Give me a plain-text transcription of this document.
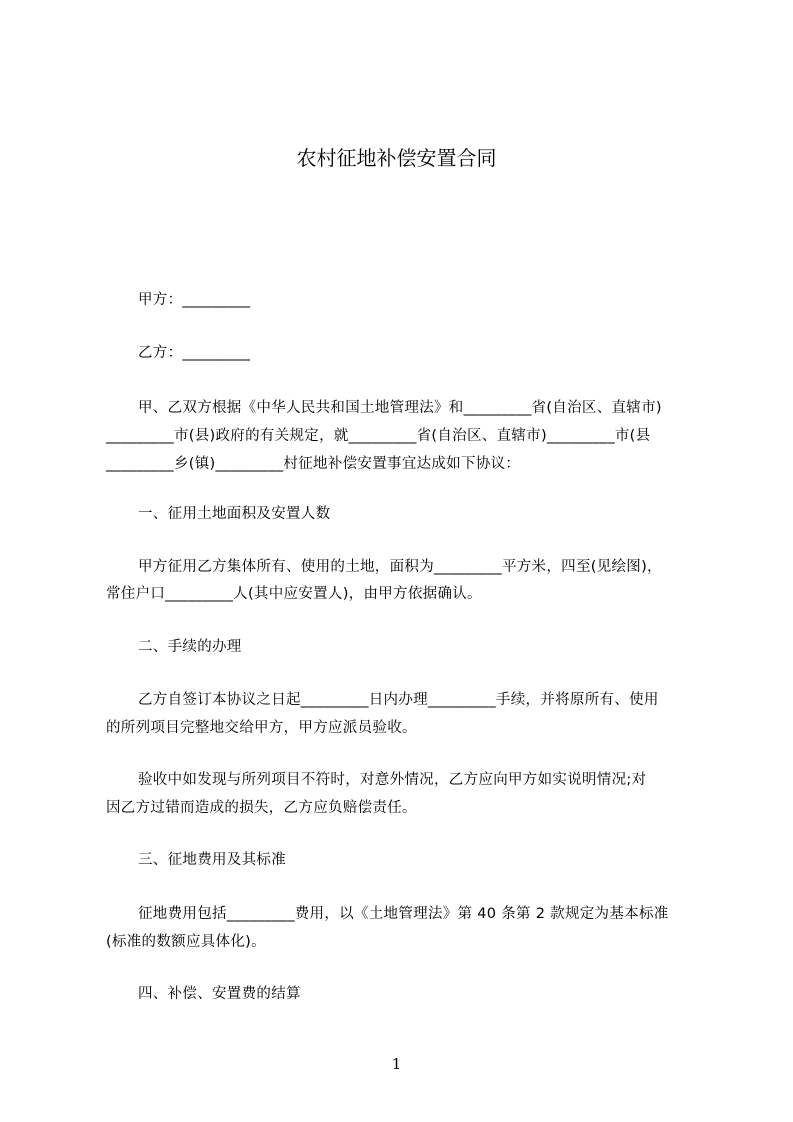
农村征地补偿安置合同
甲方：_________
乙方：_________
甲、乙双方根据《中华人民共和国土地管理法》和_________省(自治区、直辖市)
_________市(县)政府的有关规定，就_________省(自治区、直辖市)_________市(县
_________乡(镇)_________村征地补偿安置事宜达成如下协议：
一、征用土地面积及安置人数
甲方征用乙方集体所有、使用的土地，面积为_________平方米，四至(见绘图)，
常住户口_________人(其中应安置人)，由甲方依据确认。
二、手续的办理
乙方自签订本协议之日起_________日内办理_________手续，并将原所有、使用
的所列项目完整地交给甲方，甲方应派员验收。
验收中如发现与所列项目不符时，对意外情况，乙方应向甲方如实说明情况;对
因乙方过错而造成的损失，乙方应负赔偿责任。
三、征地费用及其标准
征地费用包括_________费用，以《土地管理法》第 40 条第 2 款规定为基本标准
(标准的数额应具体化)。
四、补偿、安置费的结算
1
